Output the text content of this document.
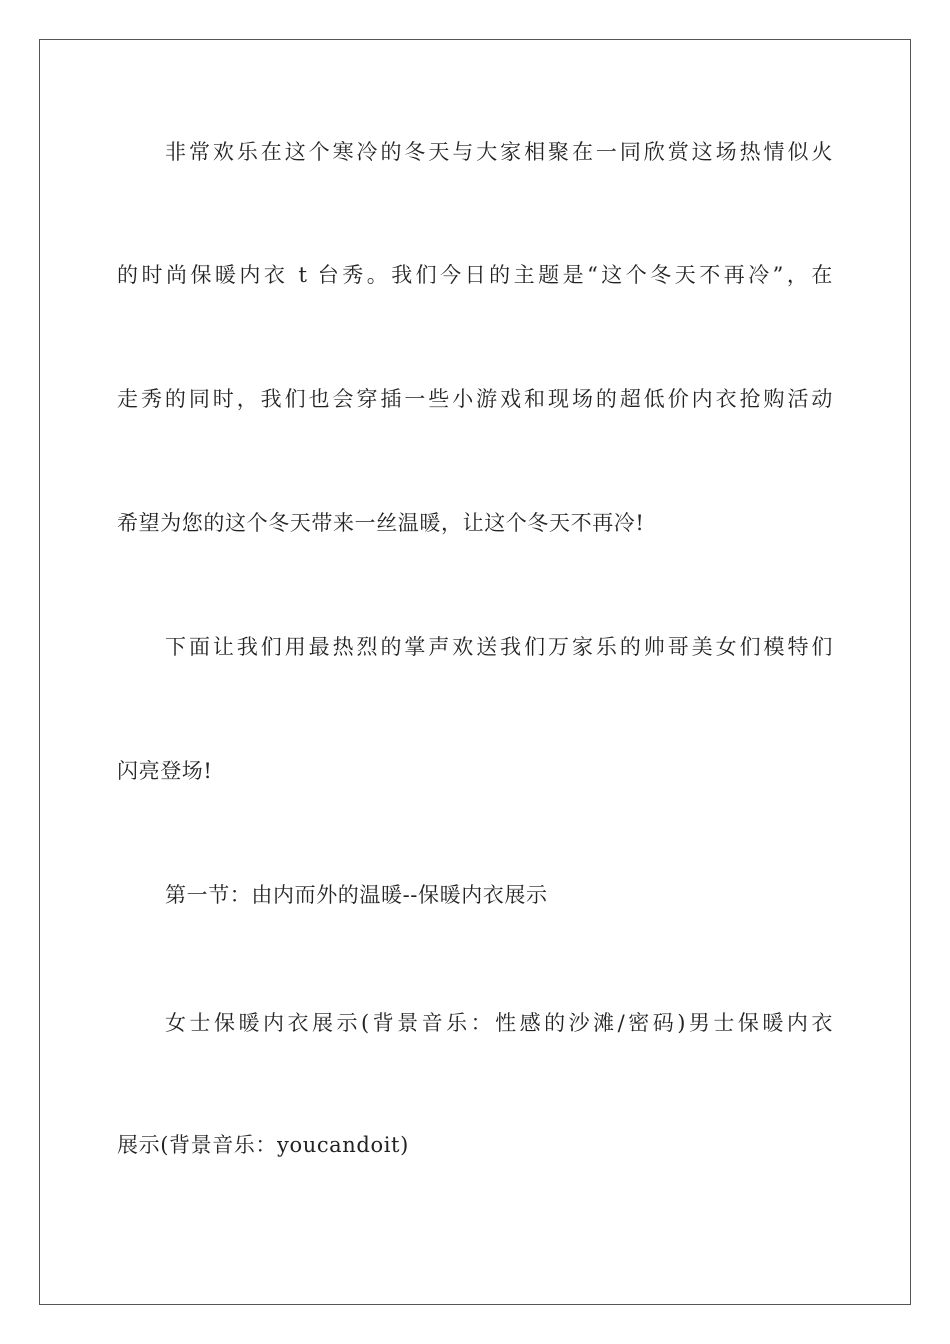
非常欢乐在这个寒冷的冬天与大家相聚在一同欣赏这场热情似火
的时尚保暖内衣 t 台秀。我们今日的主题是“这个冬天不再冷”，在
走秀的同时，我们也会穿插一些小游戏和现场的超低价内衣抢购活动
希望为您的这个冬天带来一丝温暖，让这个冬天不再冷!
下面让我们用最热烈的掌声欢送我们万家乐的帅哥美女们模特们
闪亮登场!
第一节：由内而外的温暖--保暖内衣展示
女士保暖内衣展示(背景音乐：性感的沙滩/密码)男士保暖内衣
展示(背景音乐：youcandoit)
